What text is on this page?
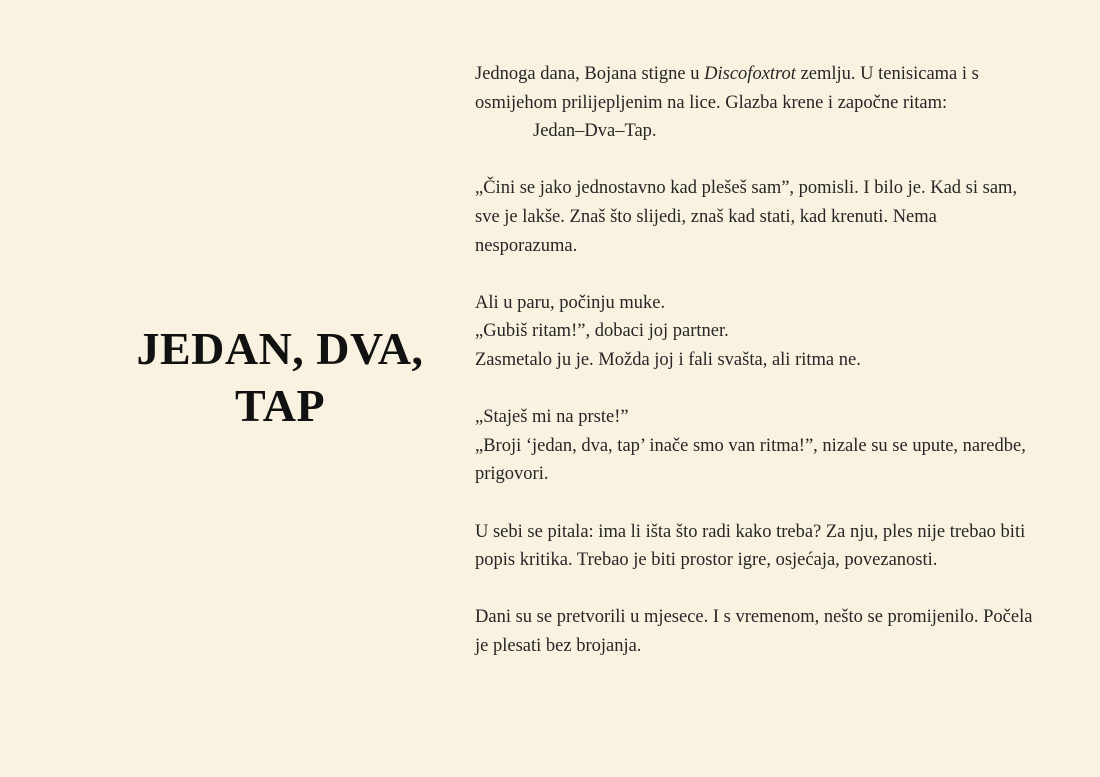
JEDAN, DVA,
TAP

Jednoga dana, Bojana stigne u Discofoxtrot zemlju. U tenisicama i s osmijehom prilijepljenim na lice. Glazba krene i započne ritam:
Jedan–Dva–Tap.

„Čini se jako jednostavno kad plešeš sam”, pomisli. I bilo je. Kad si sam, sve je lakše. Znaš što slijedi, znaš kad stati, kad krenuti. Nema nesporazuma.

Ali u paru, počinju muke.
„Gubiš ritam!”, dobaci joj partner.
Zasmetalo ju je. Možda joj i fali svašta, ali ritma ne.

„Staješ mi na prste!”
„Broji ‘jedan, dva, tap’ inače smo van ritma!”, nizale su se upute, naredbe, prigovori.

U sebi se pitala: ima li išta što radi kako treba? Za nju, ples nije trebao biti popis kritika. Trebao je biti prostor igre, osjećaja, povezanosti.

Dani su se pretvorili u mjesece. I s vremenom, nešto se promijenilo. Počela je plesati bez brojanja.
